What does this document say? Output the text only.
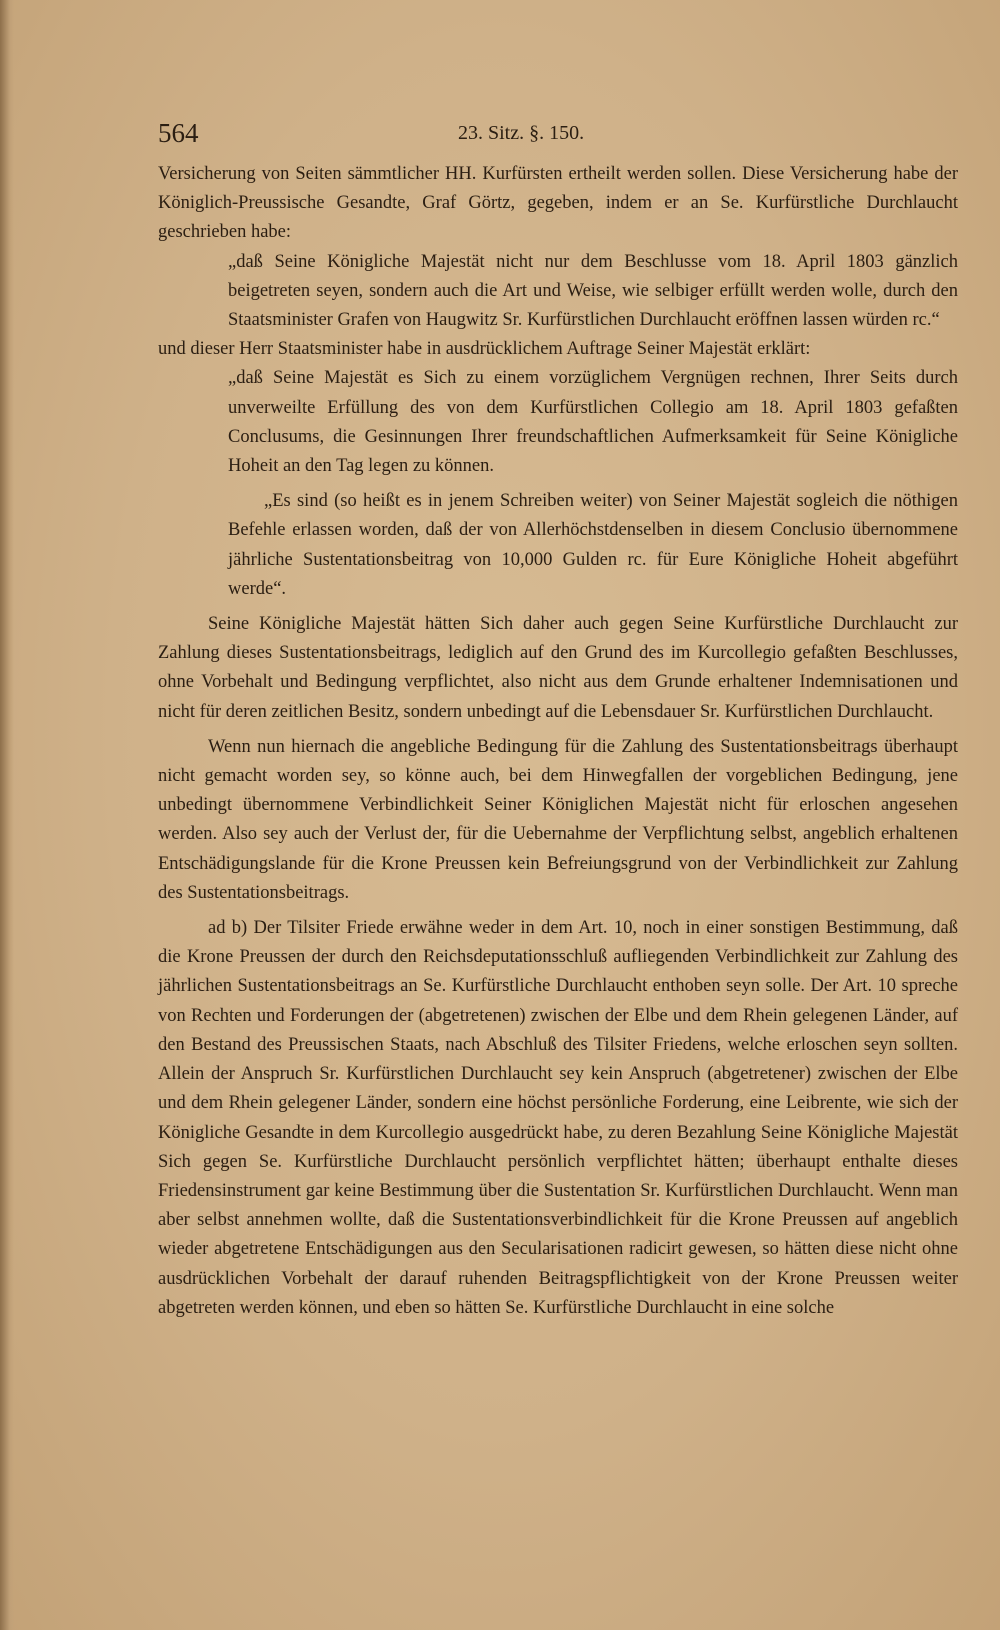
564	23. Sitz. §. 150.

Versicherung von Seiten sämmtlicher HH. Kurfürsten ertheilt werden sollen. Diese Versicherung habe der Königlich-Preussische Gesandte, Graf Görtz, gegeben, indem er an Se. Kurfürstliche Durchlaucht geschrieben habe:

„daß Seine Königliche Majestät nicht nur dem Beschlusse vom 18. April 1803 gänzlich beigetreten seyen, sondern auch die Art und Weise, wie selbiger erfüllt werden wolle, durch den Staatsminister Grafen von Haugwitz Sr. Kurfürstlichen Durchlaucht eröffnen lassen würden rc.“

und dieser Herr Staatsminister habe in ausdrücklichem Auftrage Seiner Majestät erklärt:

„daß Seine Majestät es Sich zu einem vorzüglichem Vergnügen rechnen, Ihrer Seits durch unverweilte Erfüllung des von dem Kurfürstlichen Collegio am 18. April 1803 gefaßten Conclusums, die Gesinnungen Ihrer freundschaftlichen Aufmerksamkeit für Seine Königliche Hoheit an den Tag legen zu können.

„Es sind (so heißt es in jenem Schreiben weiter) von Seiner Majestät sogleich die nöthigen Befehle erlassen worden, daß der von Allerhöchstdenselben in diesem Conclusio übernommene jährliche Sustentationsbeitrag von 10,000 Gulden rc. für Eure Königliche Hoheit abgeführt werde“.

Seine Königliche Majestät hätten Sich daher auch gegen Seine Kurfürstliche Durchlaucht zur Zahlung dieses Sustentationsbeitrags, lediglich auf den Grund des im Kurcollegio gefaßten Beschlusses, ohne Vorbehalt und Bedingung verpflichtet, also nicht aus dem Grunde erhaltener Indemnisationen und nicht für deren zeitlichen Besitz, sondern unbedingt auf die Lebensdauer Sr. Kurfürstlichen Durchlaucht.

Wenn nun hiernach die angebliche Bedingung für die Zahlung des Sustentationsbeitrags überhaupt nicht gemacht worden sey, so könne auch, bei dem Hinwegfallen der vorgeblichen Bedingung, jene unbedingt übernommene Verbindlichkeit Seiner Königlichen Majestät nicht für erloschen angesehen werden. Also sey auch der Verlust der, für die Uebernahme der Verpflichtung selbst, angeblich erhaltenen Entschädigungslande für die Krone Preussen kein Befreiungsgrund von der Verbindlichkeit zur Zahlung des Sustentationsbeitrags.

ad b) Der Tilsiter Friede erwähne weder in dem Art. 10, noch in einer sonstigen Bestimmung, daß die Krone Preussen der durch den Reichsdeputationsschluß aufliegenden Verbindlichkeit zur Zahlung des jährlichen Sustentationsbeitrags an Se. Kurfürstliche Durchlaucht enthoben seyn solle. Der Art. 10 spreche von Rechten und Forderungen der (abgetretenen) zwischen der Elbe und dem Rhein gelegenen Länder, auf den Bestand des Preussischen Staats, nach Abschluß des Tilsiter Friedens, welche erloschen seyn sollten. Allein der Anspruch Sr. Kurfürstlichen Durchlaucht sey kein Anspruch (abgetretener) zwischen der Elbe und dem Rhein gelegener Länder, sondern eine höchst persönliche Forderung, eine Leibrente, wie sich der Königliche Gesandte in dem Kurcollegio ausgedrückt habe, zu deren Bezahlung Seine Königliche Majestät Sich gegen Se. Kurfürstliche Durchlaucht persönlich verpflichtet hätten; überhaupt enthalte dieses Friedensinstrument gar keine Bestimmung über die Sustentation Sr. Kurfürstlichen Durchlaucht. Wenn man aber selbst annehmen wollte, daß die Sustentationsverbindlichkeit für die Krone Preussen auf angeblich wieder abgetretene Entschädigungen aus den Secularisationen radicirt gewesen, so hätten diese nicht ohne ausdrücklichen Vorbehalt der darauf ruhenden Beitragspflichtigkeit von der Krone Preussen weiter abgetreten werden können, und eben so hätten Se. Kurfürstliche Durchlaucht in eine solche
